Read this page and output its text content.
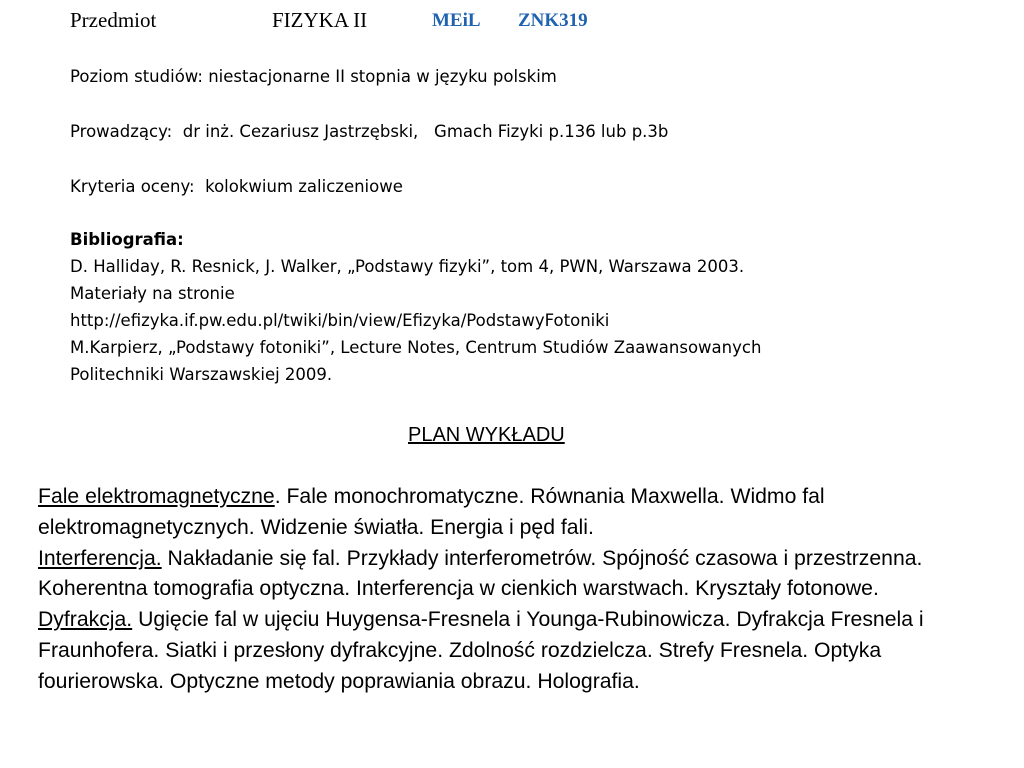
Przedmiot	FIZYKA II	MEiL ZNK319
Poziom studiów: niestacjonarne II stopnia w języku polskim
Prowadzący: dr inż. Cezariusz Jastrzębski, Gmach Fizyki p.136 lub p.3b
Kryteria oceny: kolokwium zaliczeniowe
Bibliografia:
D. Halliday, R. Resnick, J. Walker, „Podstawy fizyki”, tom 4, PWN, Warszawa 2003.
Materiały na stronie
http://efizyka.if.pw.edu.pl/twiki/bin/view/Efizyka/PodstawyFotoniki
M.Karpierz, „Podstawy fotoniki”, Lecture Notes, Centrum Studiów Zaawansowanych
Politechniki Warszawskiej 2009.
PLAN WYKŁADU
Fale elektromagnetyczne. Fale monochromatyczne. Równania Maxwella. Widmo fal elektromagnetycznych. Widzenie światła. Energia i pęd fali.
Interferencja. Nakładanie się fal. Przykłady interferometrów. Spójność czasowa i przestrzenna. Koherentna tomografia optyczna. Interferencja w cienkich warstwach. Kryształy fotonowe.
Dyfrakcja. Ugięcie fal w ujęciu Huygensa-Fresnela i Younga-Rubinowicza. Dyfrakcja Fresnela i Fraunhofera. Siatki i przesłony dyfrakcyjne. Zdolność rozdzielcza. Strefy Fresnela. Optyka fourierowska. Optyczne metody poprawiania obrazu. Holografia.
